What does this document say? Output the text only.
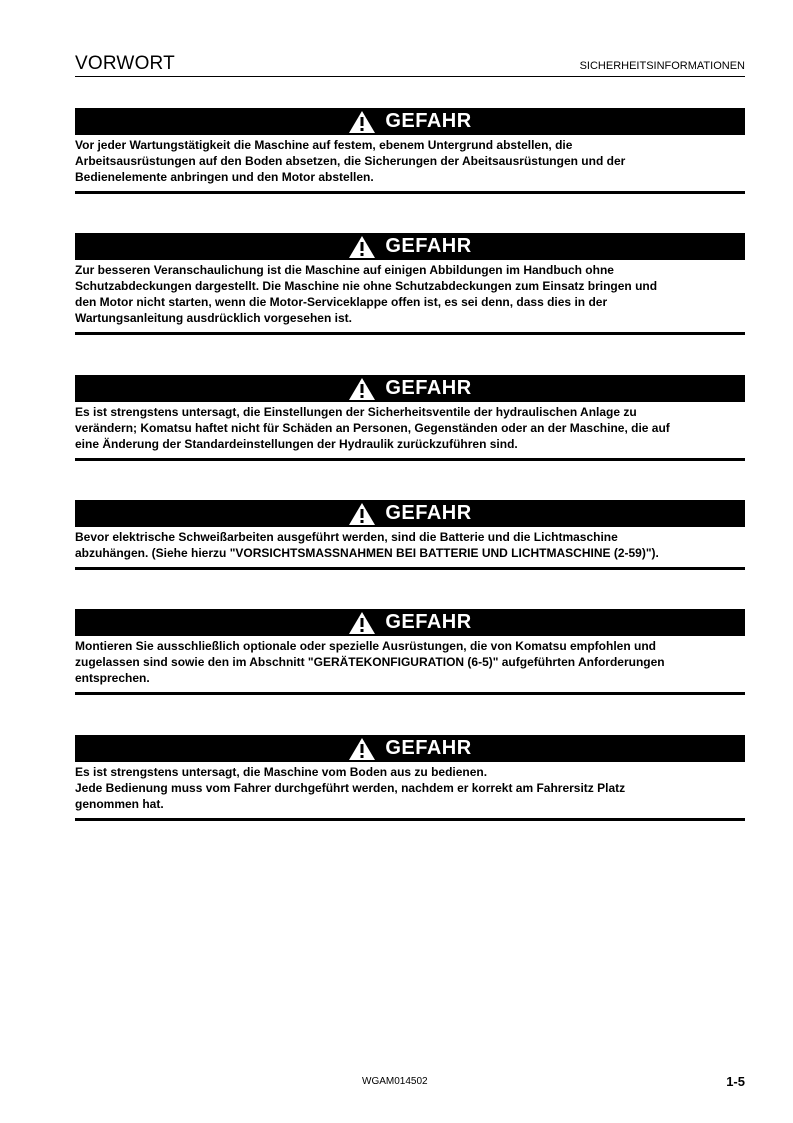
VORWORT	SICHERHEITSINFORMATIONEN
GEFAHR
Vor jeder Wartungstätigkeit die Maschine auf festem, ebenem Untergrund abstellen, die
Arbeitsausrüstungen auf den Boden absetzen, die Sicherungen der Abeitsausrüstungen und der
Bedienelemente anbringen und den Motor abstellen.
GEFAHR
Zur besseren Veranschaulichung ist die Maschine auf einigen Abbildungen im Handbuch ohne
Schutzabdeckungen dargestellt. Die Maschine nie ohne Schutzabdeckungen zum Einsatz bringen und
den Motor nicht starten, wenn die Motor-Serviceklappe offen ist, es sei denn, dass dies in der
Wartungsanleitung ausdrücklich vorgesehen ist.
GEFAHR
Es ist strengstens untersagt, die Einstellungen der Sicherheitsventile der hydraulischen Anlage zu
verändern; Komatsu haftet nicht für Schäden an Personen, Gegenständen oder an der Maschine, die auf
eine Änderung der Standardeinstellungen der Hydraulik zurückzuführen sind.
GEFAHR
Bevor elektrische Schweißarbeiten ausgeführt werden, sind die Batterie und die Lichtmaschine
abzuhängen. (Siehe hierzu "VORSICHTSMASSNAHMEN BEI BATTERIE UND LICHTMASCHINE (2-59)").
GEFAHR
Montieren Sie ausschließlich optionale oder spezielle Ausrüstungen, die von Komatsu empfohlen und
zugelassen sind sowie den im Abschnitt "GERÄTEKONFIGURATION (6-5)" aufgeführten Anforderungen
entsprechen.
GEFAHR
Es ist strengstens untersagt, die Maschine vom Boden aus zu bedienen.
Jede Bedienung muss vom Fahrer durchgeführt werden, nachdem er korrekt am Fahrersitz Platz
genommen hat.
WGAM014502	1-5
